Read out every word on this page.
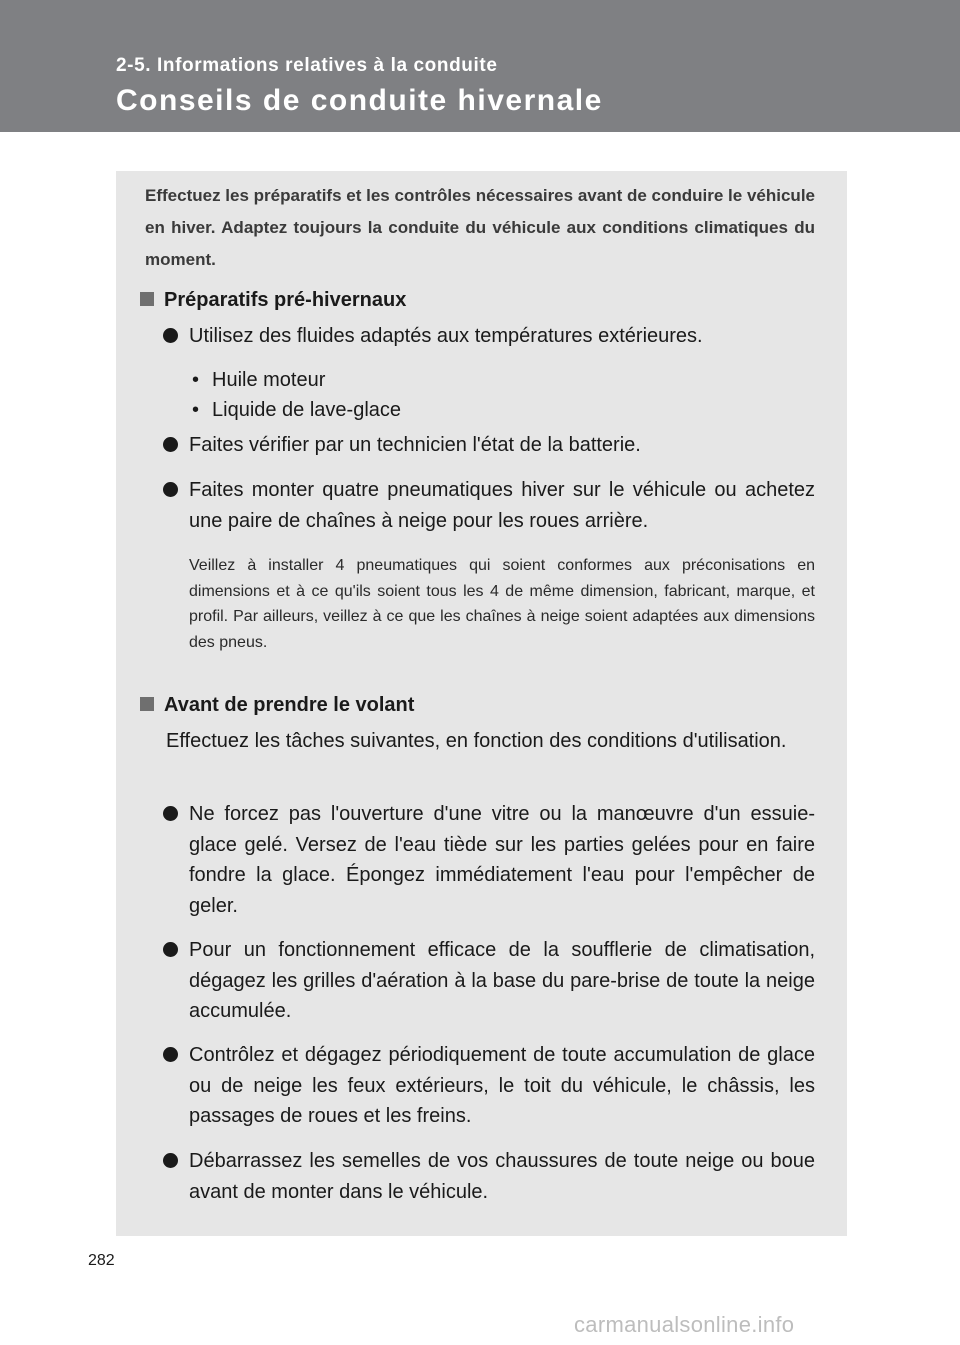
2-5. Informations relatives à la conduite
Conseils de conduite hivernale
Effectuez les préparatifs et les contrôles nécessaires avant de conduire le véhicule en hiver. Adaptez toujours la conduite du véhicule aux conditions climatiques du moment.
Préparatifs pré-hivernaux
Utilisez des fluides adaptés aux températures extérieures.
• Huile moteur
• Liquide de lave-glace
Faites vérifier par un technicien l'état de la batterie.
Faites monter quatre pneumatiques hiver sur le véhicule ou achetez une paire de chaînes à neige pour les roues arrière.
Veillez à installer 4 pneumatiques qui soient conformes aux préconisations en dimensions et à ce qu'ils soient tous les 4 de même dimension, fabricant, marque, et profil. Par ailleurs, veillez à ce que les chaînes à neige soient adaptées aux dimensions des pneus.
Avant de prendre le volant
Effectuez les tâches suivantes, en fonction des conditions d'utilisation.
Ne forcez pas l'ouverture d'une vitre ou la manœuvre d'un essuie-glace gelé. Versez de l'eau tiède sur les parties gelées pour en faire fondre la glace. Épongez immédiatement l'eau pour l'empêcher de geler.
Pour un fonctionnement efficace de la soufflerie de climatisation, dégagez les grilles d'aération à la base du pare-brise de toute la neige accumulée.
Contrôlez et dégagez périodiquement de toute accumulation de glace ou de neige les feux extérieurs, le toit du véhicule, le châssis, les passages de roues et les freins.
Débarrassez les semelles de vos chaussures de toute neige ou boue avant de monter dans le véhicule.
282
carmanualsonline.info
